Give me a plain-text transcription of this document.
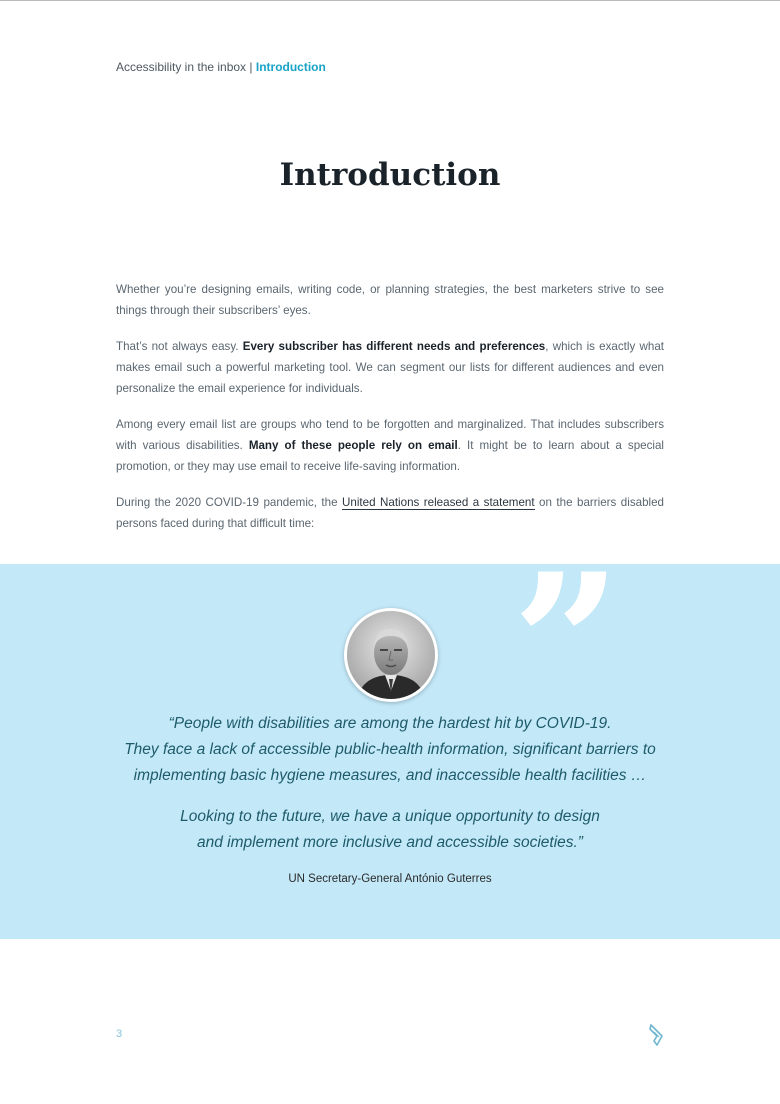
Accessibility in the inbox | Introduction
Introduction

Whether you’re designing emails, writing code, or planning strategies, the best marketers strive to see things through their subscribers’ eyes.

That’s not always easy. Every subscriber has different needs and preferences, which is exactly what makes email such a powerful marketing tool. We can segment our lists for different audiences and even personalize the email experience for individuals.

Among every email list are groups who tend to be forgotten and marginalized. That includes subscribers with various disabilities. Many of these people rely on email. It might be to learn about a special promotion, or they may use email to receive life-saving information.

During the 2020 COVID-19 pandemic, the United Nations released a statement on the barriers disabled persons faced during that difficult time:

”
“People with disabilities are among the hardest hit by COVID-19.
They face a lack of accessible public-health information, significant barriers to
implementing basic hygiene measures, and inaccessible health facilities …
Looking to the future, we have a unique opportunity to design
and implement more inclusive and accessible societies.”
UN Secretary-General António Guterres
3
